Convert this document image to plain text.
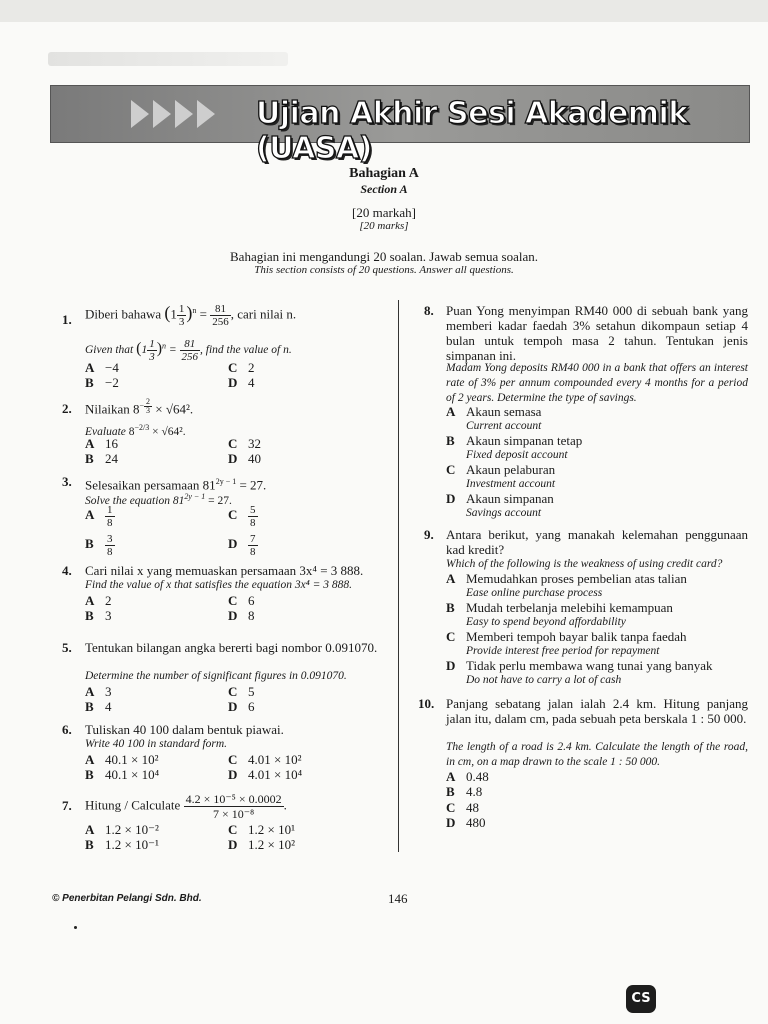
Ujian Akhir Sesi Akademik (UASA)
Bahagian A
Section A
[20 markah]
[20 marks]
Bahagian ini mengandungi 20 soalan. Jawab semua soalan.
This section consists of 20 questions. Answer all questions.
1. Diberi bahawa $(1 \frac{1}{3} )^n = \frac{81}{256}$ , cari nilai n.
Given that $(1 \frac{1}{3} )^n = \frac{81}{256}$ , find the value of n.
A −4	C 2
B −2	D 4
2. Nilaikan $8^{- \frac{2}{3}} \times √64^2$.
Evaluate $8^{-2/3} \times √64^2$.
A 16	C 32
B 24	D 40
3. Selesaikan persamaan $81^{2y - 1} = 27$.
Solve the equation $81^{2y - 1} = 27$.
A $\frac{1}{8}$	C $\frac{5}{8}$
B $\frac{3}{8}$	D $\frac{7}{8}$
4. Cari nilai x yang memuaskan persamaan 3x⁴ = 3 888.
Find the value of x that satisfies the equation 3x⁴ = 3 888.
A 2	C 6
B 3	D 8
5. Tentukan bilangan angka bererti bagi nombor 0.091070.
Determine the number of significant figures in 0.091070.
A 3	C 5
B 4	D 6
6. Tuliskan 40 100 dalam bentuk piawai.
Write 40 100 in standard form.
A 40.1 × 10²	C 4.01 × 10²
B 40.1 × 10⁴	D 4.01 × 10⁴
7. Hitung / Calculate $\frac{\text{4.2 × 10⁻⁵ × 0.0002}}{\text{7 × 10⁻⁸}}$ .
A 1.2 × 10⁻²	C 1.2 × 10¹
B 1.2 × 10⁻¹	D 1.2 × 10²
8. Puan Yong menyimpan RM40 000 di sebuah bank yang memberi kadar faedah 3% setahun dikompaun setiap 4 bulan untuk tempoh masa 2 tahun. Tentukan jenis simpanan ini.
Madam Yong deposits RM40 000 in a bank that offers an interest rate of 3% per annum compounded every 4 months for a period of 2 years. Determine the type of savings.
A Akaun semasa
Current account
B Akaun simpanan tetap
Fixed deposit account
C Akaun pelaburan
Investment account
D Akaun simpanan
Savings account
9. Antara berikut, yang manakah kelemahan penggunaan kad kredit?
Which of the following is the weakness of using credit card?
A Memudahkan proses pembelian atas talian
Ease online purchase process
B Mudah terbelanja melebihi kemampuan
Easy to spend beyond affordability
C Memberi tempoh bayar balik tanpa faedah
Provide interest free period for repayment
D Tidak perlu membawa wang tunai yang banyak
Do not have to carry a lot of cash
10. Panjang sebatang jalan ialah 2.4 km. Hitung panjang jalan itu, dalam cm, pada sebuah peta berskala 1 : 50 000.
The length of a road is 2.4 km. Calculate the length of the road, in cm, on a map drawn to the scale 1 : 50 000.
A 0.48
B 4.8
C 48
D 480
© Penerbitan Pelangi Sdn. Bhd.	146
CS
